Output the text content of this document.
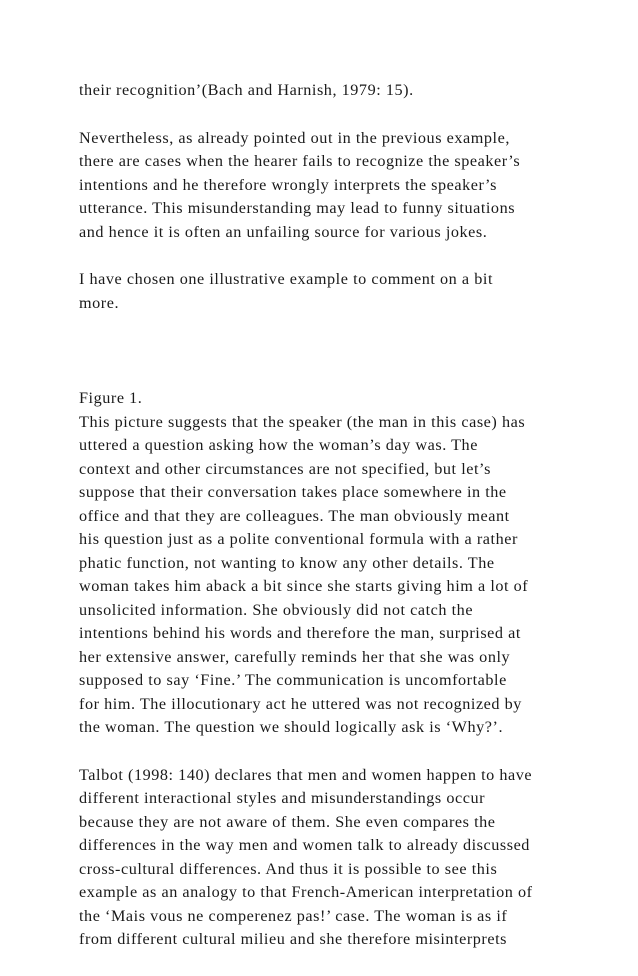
their recognition’(Bach and Harnish, 1979: 15).
Nevertheless, as already pointed out in the previous example,
there are cases when the hearer fails to recognize the speaker’s
intentions and he therefore wrongly interprets the speaker’s
utterance. This misunderstanding may lead to funny situations
and hence it is often an unfailing source for various jokes.
I have chosen one illustrative example to comment on a bit
more.
Figure 1.
This picture suggests that the speaker (the man in this case) has
uttered a question asking how the woman’s day was. The
context and other circumstances are not specified, but let’s
suppose that their conversation takes place somewhere in the
office and that they are colleagues. The man obviously meant
his question just as a polite conventional formula with a rather
phatic function, not wanting to know any other details. The
woman takes him aback a bit since she starts giving him a lot of
unsolicited information. She obviously did not catch the
intentions behind his words and therefore the man, surprised at
her extensive answer, carefully reminds her that she was only
supposed to say ‘Fine.’ The communication is uncomfortable
for him. The illocutionary act he uttered was not recognized by
the woman. The question we should logically ask is ‘Why?’.
Talbot (1998: 140) declares that men and women happen to have
different interactional styles and misunderstandings occur
because they are not aware of them. She even compares the
differences in the way men and women talk to already discussed
cross-cultural differences. And thus it is possible to see this
example as an analogy to that French-American interpretation of
the ‘Mais vous ne comperenez pas!’ case. The woman is as if
from different cultural milieu and she therefore misinterprets
